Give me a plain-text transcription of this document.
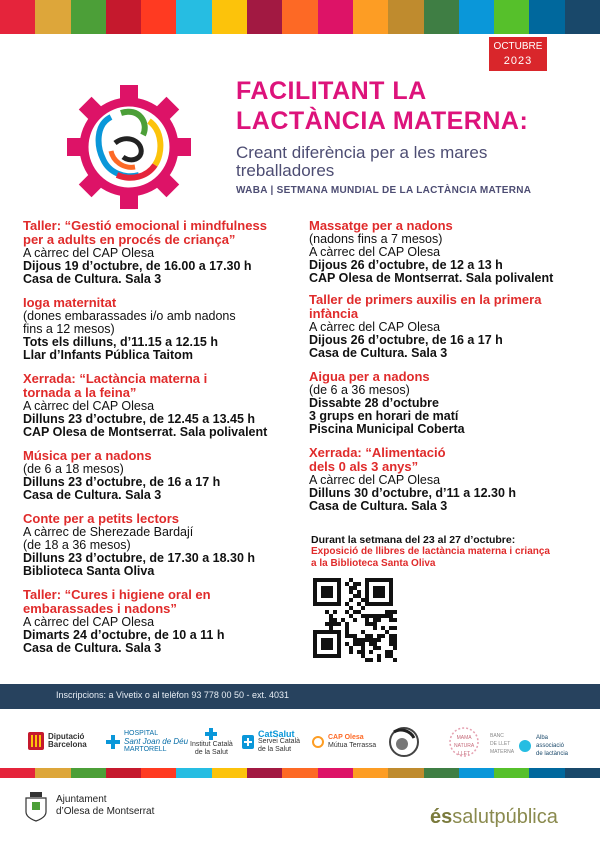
OCTUBRE
2023
FACILITANT LA
LACTÀNCIA MATERNA:
Creant diferència per a les mares
treballadores
WABA | SETMANA MUNDIAL DE LA LACTÀNCIA MATERNA
Taller: “Gestió emocional i mindfulness
per a adults en procés de criança”
A càrrec del CAP Olesa
Dijous 19 d’octubre, de 16.00 a 17.30 h
Casa de Cultura. Sala 3
Ioga maternitat
(dones embarassades i/o amb nadons
fins a 12 mesos)
Tots els dilluns, d’11.15 a 12.15 h
Llar d’Infants Pública Taitom
Xerrada: “Lactància materna i
tornada a la feina”
A càrrec del CAP Olesa
Dilluns 23 d’octubre, de 12.45 a 13.45 h
CAP Olesa de Montserrat. Sala polivalent
Música per a nadons
(de 6 a 18 mesos)
Dilluns 23 d’octubre, de 16 a 17 h
Casa de Cultura. Sala 3
Conte per a petits lectors
A càrrec de Sherezade Bardají
(de 18 a 36 mesos)
Dilluns 23 d’octubre, de 17.30 a 18.30 h
Biblioteca Santa Oliva
Taller: “Cures i higiene oral en
embarassades i nadons”
A càrrec del CAP Olesa
Dimarts 24 d’octubre, de 10 a 11 h
Casa de Cultura. Sala 3
Massatge per a nadons
(nadons fins a 7 mesos)
A càrrec del CAP Olesa
Dijous 26 d’octubre, de 12 a 13 h
CAP Olesa de Montserrat. Sala polivalent
Taller de primers auxilis en la primera
infància
A càrrec del CAP Olesa
Dijous 26 d’octubre, de 16 a 17 h
Casa de Cultura. Sala 3
Aigua per a nadons
(de 6 a 36 mesos)
Dissabte 28 d’octubre
3 grups en horari de matí
Piscina Municipal Coberta
Xerrada: “Alimentació
dels 0 als 3 anys”
A càrrec del CAP Olesa
Dilluns 30 d’octubre, d’11 a 12.30 h
Casa de Cultura. Sala 3
Durant la setmana del 23 al 27 d’octubre:
Exposició de llibres de lactància materna i criança
a la Biblioteca Santa Oliva
Inscripcions: a Vivetix o al telèfon 93 778 00 50 - ext. 4031
Diputació
Barcelona
HOSPITAL
Sant Joan de Déu
MARTORELL
Institut Català
de la Salut
CatSalut
Servei Català
de la Salut
CAP Olesa
Mútua Terrassa
MAMA
NATURA
LLET
BANC
DE LLET
MATERNA
Alba
associació
de lactància
Ajuntament
d’Olesa de Montserrat	éssalutpública
